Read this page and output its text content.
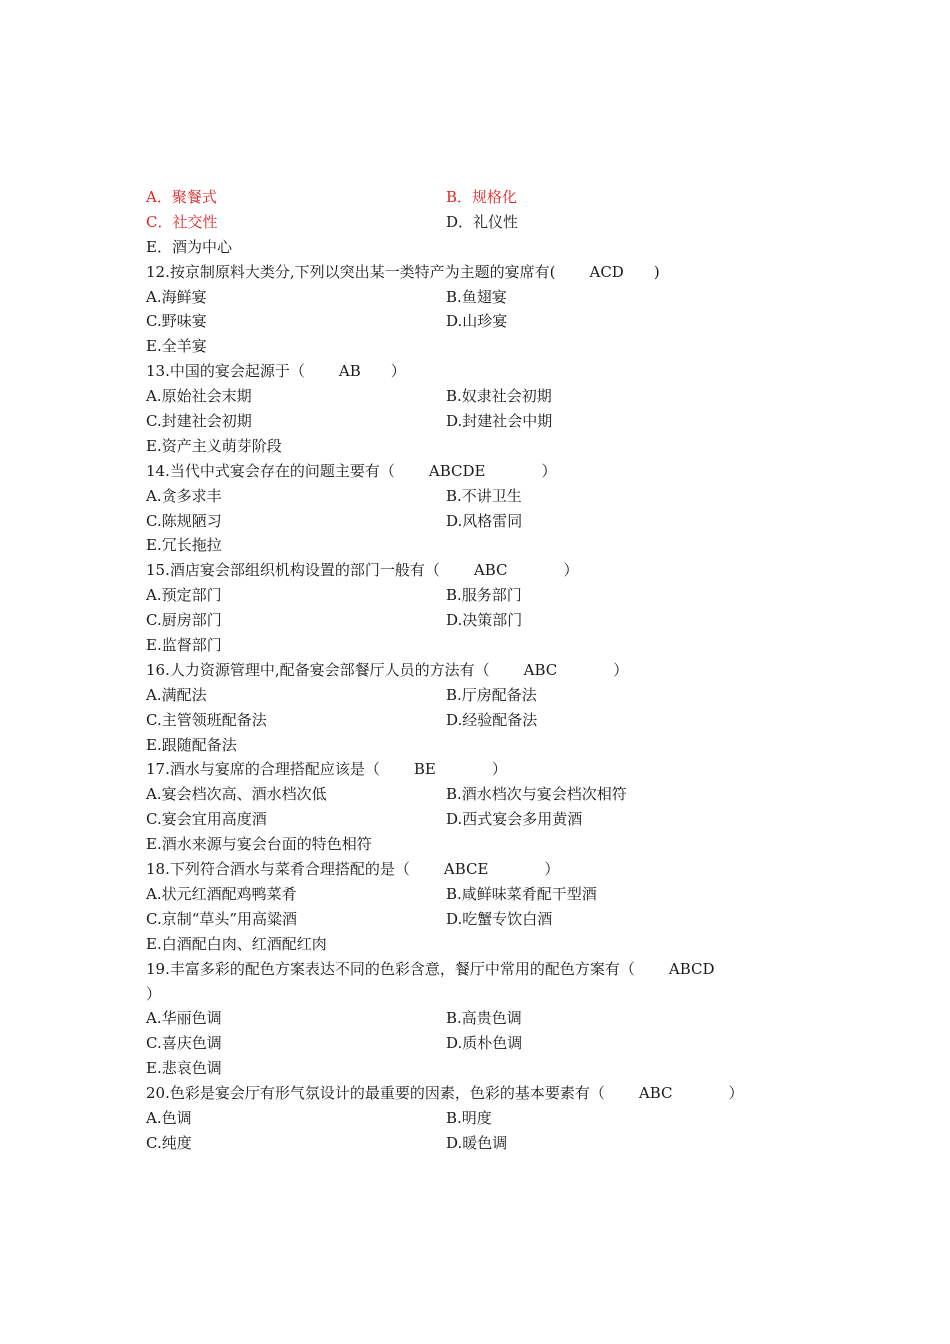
A．聚餐式	B．规格化
C．社交性	D．礼仪性
E．酒为中心
12.按京制原料大类分,下列以突出某一类特产为主题的宴席有( ACD )
A.海鲜宴	B.鱼翅宴
C.野味宴	D.山珍宴
E.全羊宴
13.中国的宴会起源于（ AB ）
A.原始社会末期	B.奴隶社会初期
C.封建社会初期	D.封建社会中期
E.资产主义萌芽阶段
14.当代中式宴会存在的问题主要有（ ABCDE	）
A.贪多求丰	B.不讲卫生
C.陈规陋习	D.风格雷同
E.冗长拖拉
15.酒店宴会部组织机构设置的部门一般有（ ABC	）
A.预定部门	B.服务部门
C.厨房部门	D.决策部门
E.监督部门
16.人力资源管理中,配备宴会部餐厅人员的方法有（ ABC	）
A.满配法	B.厅房配备法
C.主管领班配备法	D.经验配备法
E.跟随配备法
17.酒水与宴席的合理搭配应该是（ BE	）
A.宴会档次高、酒水档次低	B.酒水档次与宴会档次相符
C.宴会宜用高度酒	D.西式宴会多用黄酒
E.酒水来源与宴会台面的特色相符
18.下列符合酒水与菜肴合理搭配的是（ ABCE	）
A.状元红酒配鸡鸭菜肴	B.咸鲜味菜肴配干型酒
C.京制“草头”用高粱酒	D.吃蟹专饮白酒
E.白酒配白肉、红酒配红肉
19.丰富多彩的配色方案表达不同的色彩含意，餐厅中常用的配色方案有（ ABCD
）
A.华丽色调	B.高贵色调
C.喜庆色调	D.质朴色调
E.悲哀色调
20.色彩是宴会厅有形气氛设计的最重要的因素，色彩的基本要素有（ ABC	）
A.色调	B.明度
C.纯度	D.暖色调
